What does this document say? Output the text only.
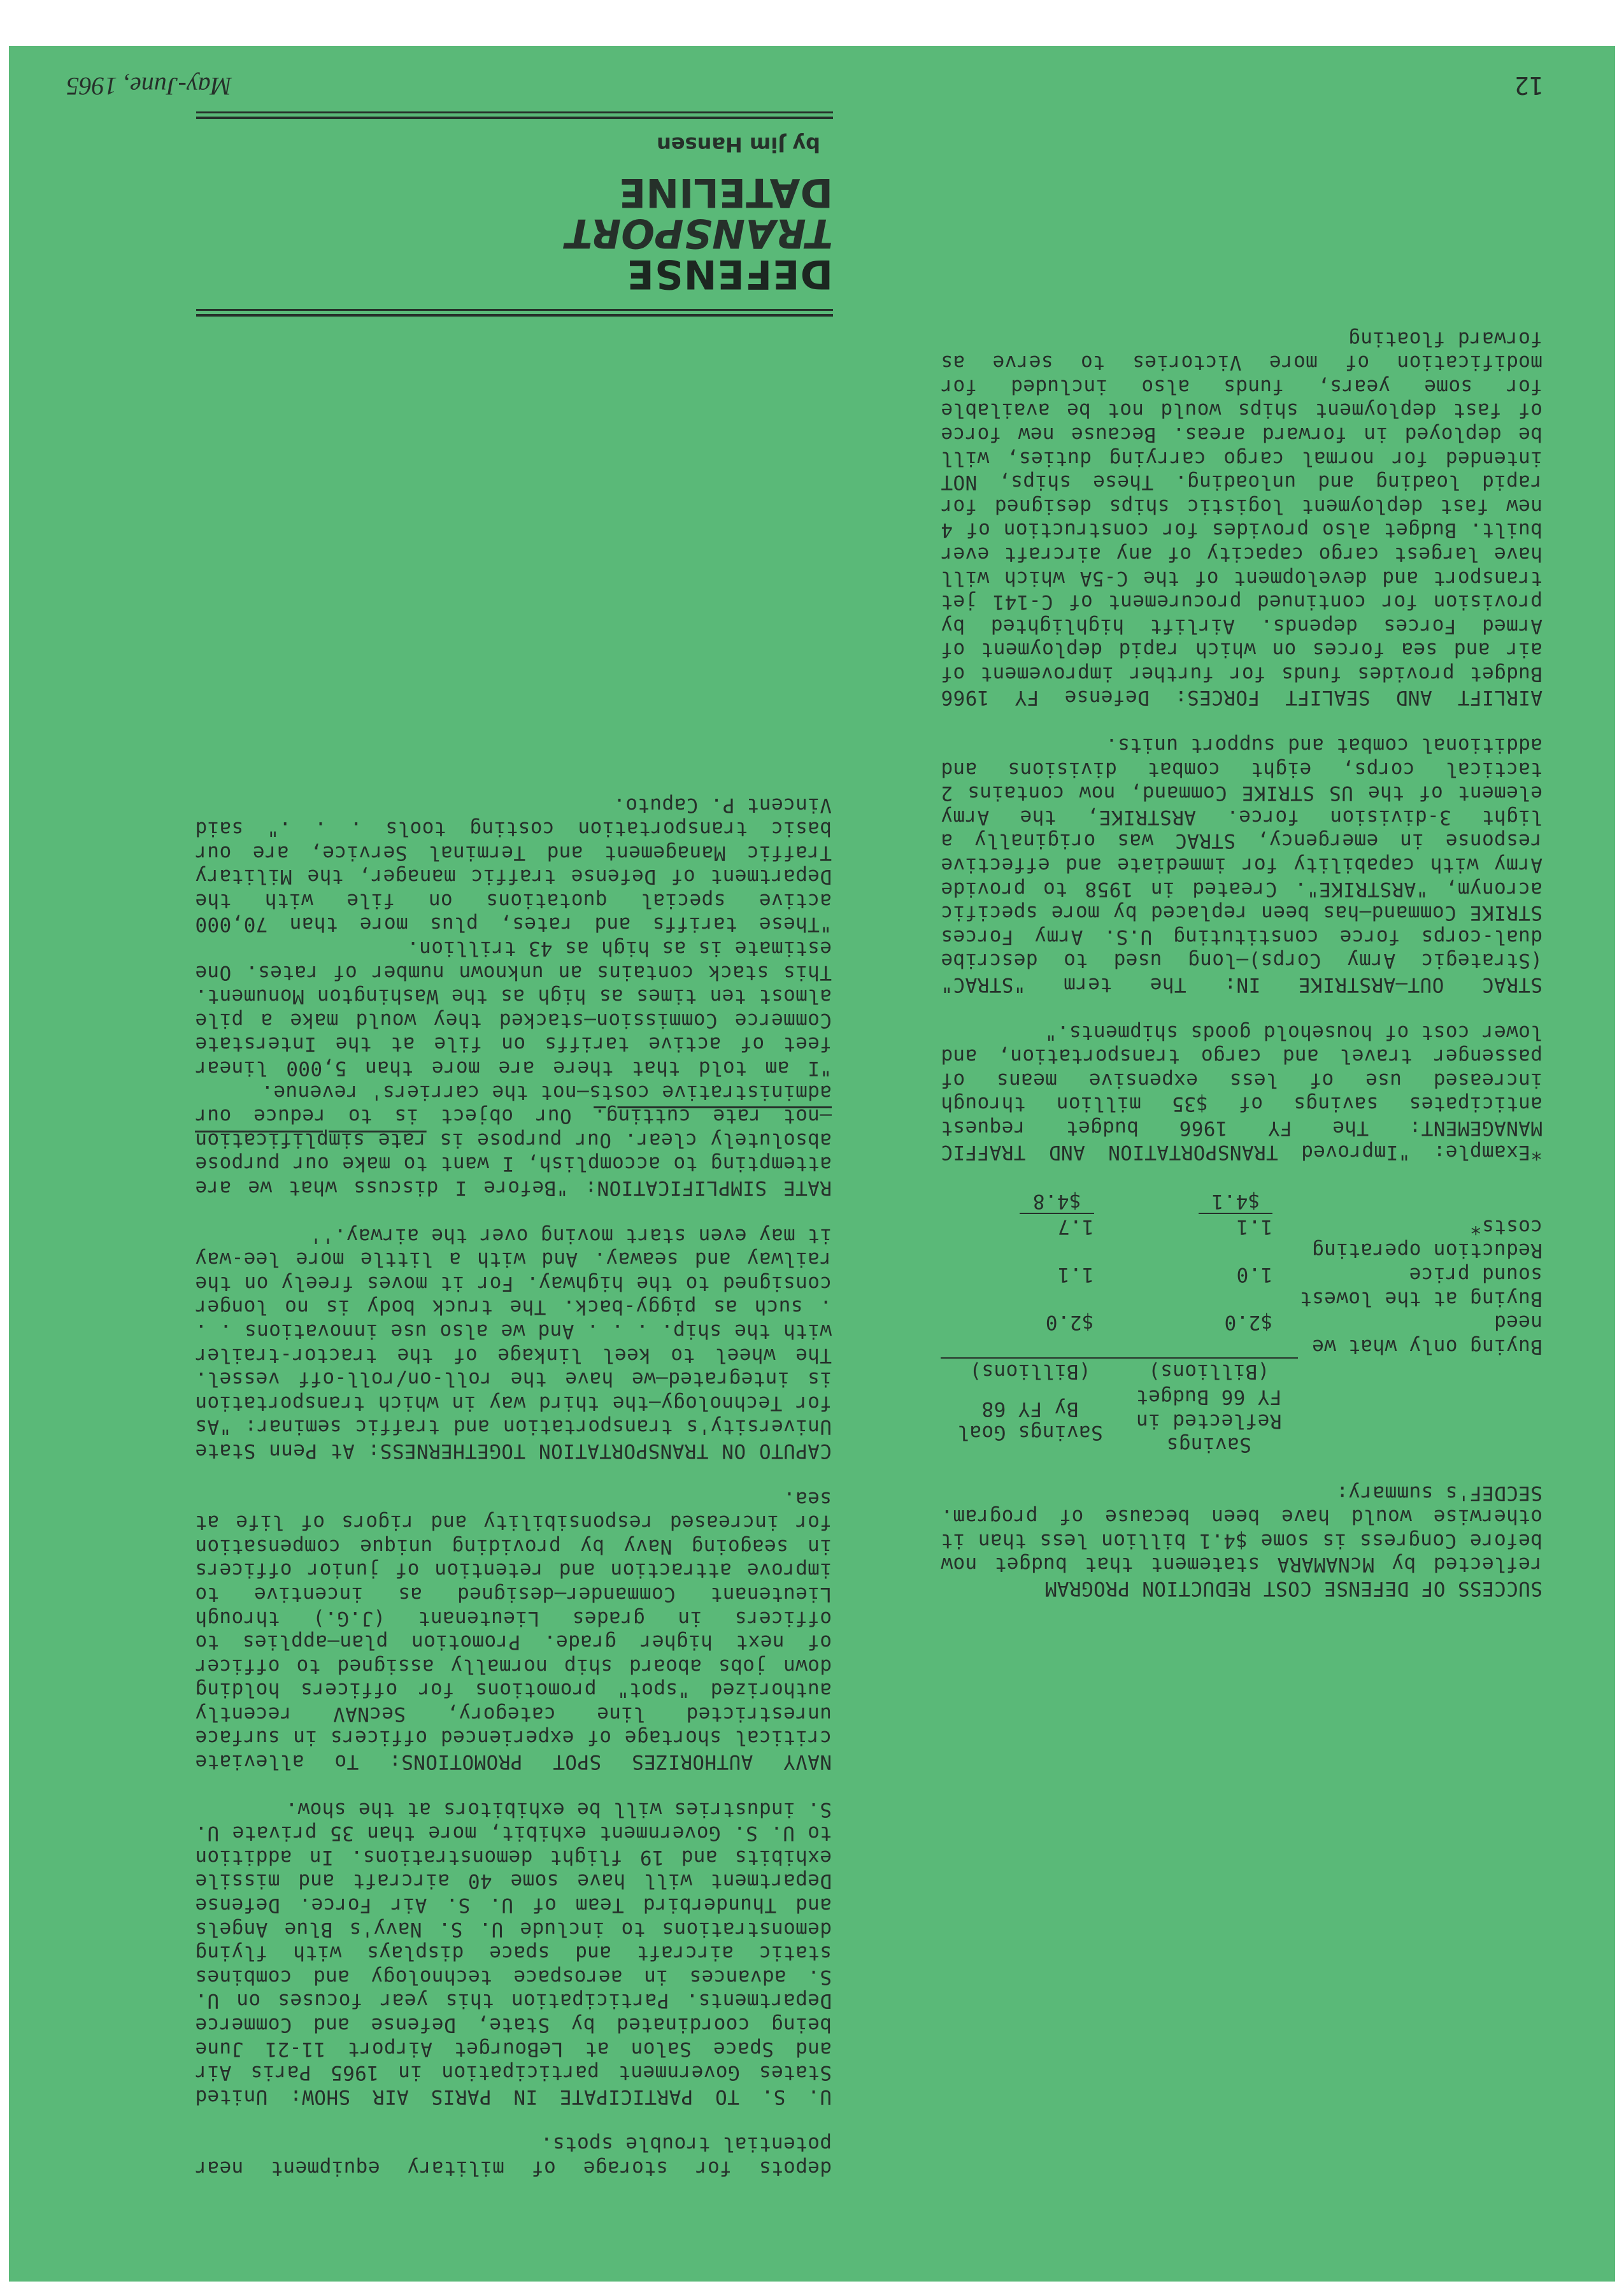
DEFENSE
TRANSPORT
DATELINE
by Jim Hansen

SUCCESS OF DEFENSE COST REDUCTION PROGRAM
reflected by McNAMARA statement that budget now before Congress is some $4.1 billion less than it otherwise would have been because of program. SECDEF's summary:

	Savings Reflected in FY 66 Budget	Savings Goal By FY 68
	(Billions)	(Billions)
Buying only what we need	$2.0	$2.0
Buying at the lowest sound price	1.0	1.1
Reduction operating costs*	1.1	1.7
	$4.1	$4.8

*Example: "Improved TRANSPORTATION AND TRAFFIC MANAGEMENT: The FY 1966 budget request anticipates savings of $35 million through increased use of less expensive means of passenger travel and cargo transportation, and lower cost of household goods shipments."

STRAC OUT—ARSTRIKE IN: The term "STRAC" (Strategic Army Corps)—long used to describe dual-corps force constituting U.S. Army Forces STRIKE Command—has been replaced by more specific acronym, "ARSTRIKE". Created in 1958 to provide Army with capability for immediate and effective response in emergency, STRAC was originally a light 3-division force. ARSTRIKE, the Army element of the US STRIKE Command, now contains 2 tactical corps, eight combat divisions and additional combat and support units.

AIRLIFT AND SEALIFT FORCES: Defense FY 1966 Budget provides funds for further improvement of air and sea forces on which rapid deployment of Armed Forces depends. Airlift highlighted by provision for continued procurement of C-141 jet transport and development of the C-5A which will have largest cargo capacity of any aircraft ever built. Budget also provides for construction of 4 new fast deployment logistic ships designed for rapid loading and unloading. These ships, NOT intended for normal cargo carrying duties, will be deployed in forward areas. Because new force of fast deployment ships would not be available for some years, funds also included for modification of more Victories to serve as forward floating

depots for storage of military equipment near potential trouble spots.

U. S. TO PARTICIPATE IN PARIS AIR SHOW: United States Government participation in 1965 Paris Air and Space Salon at LeBourget Airport 11-21 June being coordinated by State, Defense and Commerce Departments. Participation this year focuses on U. S. advances in aerospace technology and combines static aircraft and space displays with flying demonstrations to include U. S. Navy's Blue Angels and Thunderbird Team of U. S. Air Force. Defense Department will have some 40 aircraft and missile exhibits and 19 flight demonstrations. In addition to U. S. Government exhibit, more than 35 private U. S. industries will be exhibitors at the show.

NAVY AUTHORIZES SPOT PROMOTIONS: To alleviate critical shortage of experienced officers in surface unrestricted line category, SecNAV recently authorized "spot" promotions for officers holding down jobs aboard ship normally assigned to officer of next higher grade. Promotion plan—applies to officers in grades Lieutenant (J.G.) through Lieutenant Commander—designed as incentive to improve attraction and retention of junior officers in seagoing Navy by providing unique compensation for increased responsibility and rigors of life at sea.

CAPUTO ON TRANSPORTATION TOGETHERNESS: At Penn State University's transportation and traffic seminar: "As for Technology—the third way in which transportation is integrated—we have the roll-on/roll-off vessel. The wheel to keel linkage of the tractor-trailer with the ship. . . . And we also use innovations . . . such as piggy-back. The truck body is no longer consigned to the highway. For it moves freely on the railway and seaway. And with a little more lee-way it may even start moving over the airway.''

RATE SIMPLIFICATION: "Before I discuss what we are attempting to accomplish, I want to make our purpose absolutely clear. Our purpose is rate simplification—not rate cutting. Our object is to reduce our administrative costs—not the carriers' revenue.

"I am told that there are more than 5,000 linear feet of active tariffs on file at the Interstate Commerce Commission—stacked they would make a pile almost ten times as high as the Washington Monument. This stack contains an unknown number of rates. One estimate is as high as 43 trillion.

"These tariffs and rates, plus more than 70,000 active special quotations on file with the Department of Defense traffic manager, the Military Traffic Management and Terminal Service, are our basic transportation costing tools . . ." said Vincent P. Caputo.

12
May-June, 1965
